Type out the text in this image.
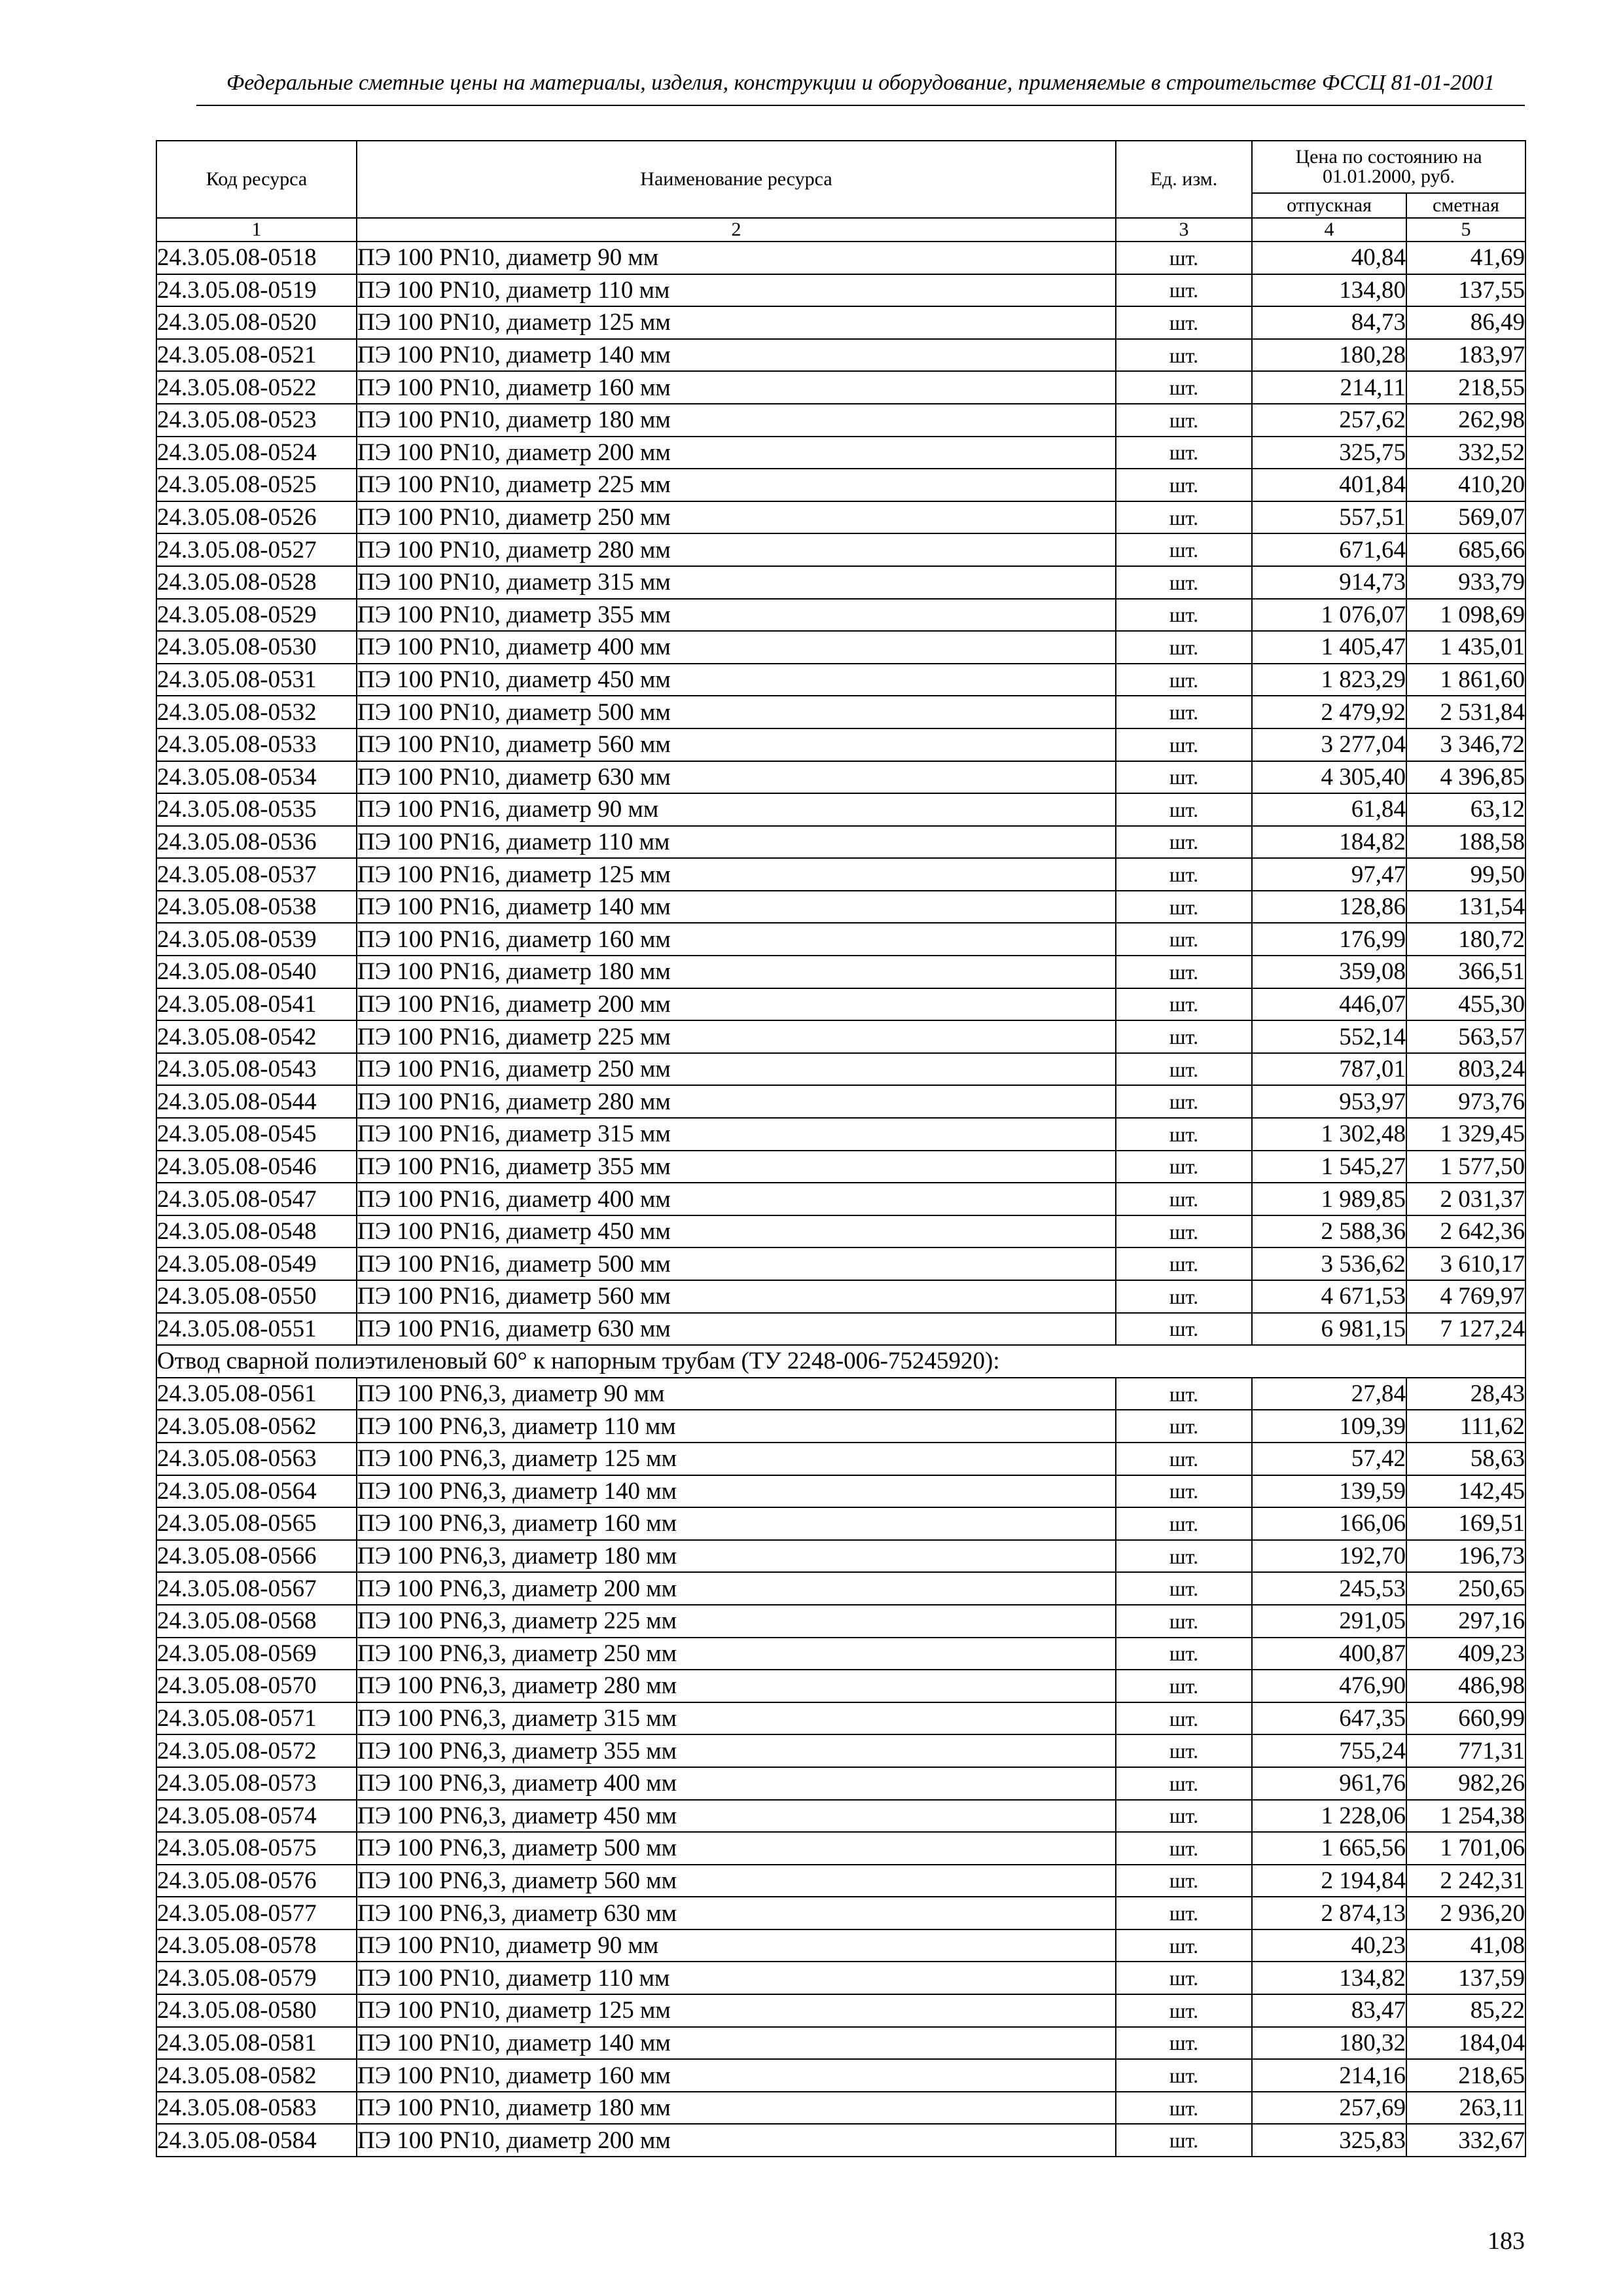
Федеральные сметные цены на материалы, изделия, конструкции и оборудование, применяемые в строительстве ФССЦ 81-01-2001
Код ресурса	Наименование ресурса	Ед. изм.	Цена по состоянию на 01.01.2000, руб.	
			отпускная	сметная
1	2	3	4	5
24.3.05.08-0518	ПЭ 100 PN10, диаметр 90 мм	шт.	40,84	41,69
24.3.05.08-0519	ПЭ 100 PN10, диаметр 110 мм	шт.	134,80	137,55
24.3.05.08-0520	ПЭ 100 PN10, диаметр 125 мм	шт.	84,73	86,49
24.3.05.08-0521	ПЭ 100 PN10, диаметр 140 мм	шт.	180,28	183,97
24.3.05.08-0522	ПЭ 100 PN10, диаметр 160 мм	шт.	214,11	218,55
24.3.05.08-0523	ПЭ 100 PN10, диаметр 180 мм	шт.	257,62	262,98
24.3.05.08-0524	ПЭ 100 PN10, диаметр 200 мм	шт.	325,75	332,52
24.3.05.08-0525	ПЭ 100 PN10, диаметр 225 мм	шт.	401,84	410,20
24.3.05.08-0526	ПЭ 100 PN10, диаметр 250 мм	шт.	557,51	569,07
24.3.05.08-0527	ПЭ 100 PN10, диаметр 280 мм	шт.	671,64	685,66
24.3.05.08-0528	ПЭ 100 PN10, диаметр 315 мм	шт.	914,73	933,79
24.3.05.08-0529	ПЭ 100 PN10, диаметр 355 мм	шт.	1 076,07	1 098,69
24.3.05.08-0530	ПЭ 100 PN10, диаметр 400 мм	шт.	1 405,47	1 435,01
24.3.05.08-0531	ПЭ 100 PN10, диаметр 450 мм	шт.	1 823,29	1 861,60
24.3.05.08-0532	ПЭ 100 PN10, диаметр 500 мм	шт.	2 479,92	2 531,84
24.3.05.08-0533	ПЭ 100 PN10, диаметр 560 мм	шт.	3 277,04	3 346,72
24.3.05.08-0534	ПЭ 100 PN10, диаметр 630 мм	шт.	4 305,40	4 396,85
24.3.05.08-0535	ПЭ 100 PN16, диаметр 90 мм	шт.	61,84	63,12
24.3.05.08-0536	ПЭ 100 PN16, диаметр 110 мм	шт.	184,82	188,58
24.3.05.08-0537	ПЭ 100 PN16, диаметр 125 мм	шт.	97,47	99,50
24.3.05.08-0538	ПЭ 100 PN16, диаметр 140 мм	шт.	128,86	131,54
24.3.05.08-0539	ПЭ 100 PN16, диаметр 160 мм	шт.	176,99	180,72
24.3.05.08-0540	ПЭ 100 PN16, диаметр 180 мм	шт.	359,08	366,51
24.3.05.08-0541	ПЭ 100 PN16, диаметр 200 мм	шт.	446,07	455,30
24.3.05.08-0542	ПЭ 100 PN16, диаметр 225 мм	шт.	552,14	563,57
24.3.05.08-0543	ПЭ 100 PN16, диаметр 250 мм	шт.	787,01	803,24
24.3.05.08-0544	ПЭ 100 PN16, диаметр 280 мм	шт.	953,97	973,76
24.3.05.08-0545	ПЭ 100 PN16, диаметр 315 мм	шт.	1 302,48	1 329,45
24.3.05.08-0546	ПЭ 100 PN16, диаметр 355 мм	шт.	1 545,27	1 577,50
24.3.05.08-0547	ПЭ 100 PN16, диаметр 400 мм	шт.	1 989,85	2 031,37
24.3.05.08-0548	ПЭ 100 PN16, диаметр 450 мм	шт.	2 588,36	2 642,36
24.3.05.08-0549	ПЭ 100 PN16, диаметр 500 мм	шт.	3 536,62	3 610,17
24.3.05.08-0550	ПЭ 100 PN16, диаметр 560 мм	шт.	4 671,53	4 769,97
24.3.05.08-0551	ПЭ 100 PN16, диаметр 630 мм	шт.	6 981,15	7 127,24
Отвод сварной полиэтиленовый 60° к напорным трубам (ТУ 2248-006-75245920):				
24.3.05.08-0561	ПЭ 100 PN6,3, диаметр 90 мм	шт.	27,84	28,43
24.3.05.08-0562	ПЭ 100 PN6,3, диаметр 110 мм	шт.	109,39	111,62
24.3.05.08-0563	ПЭ 100 PN6,3, диаметр 125 мм	шт.	57,42	58,63
24.3.05.08-0564	ПЭ 100 PN6,3, диаметр 140 мм	шт.	139,59	142,45
24.3.05.08-0565	ПЭ 100 PN6,3, диаметр 160 мм	шт.	166,06	169,51
24.3.05.08-0566	ПЭ 100 PN6,3, диаметр 180 мм	шт.	192,70	196,73
24.3.05.08-0567	ПЭ 100 PN6,3, диаметр 200 мм	шт.	245,53	250,65
24.3.05.08-0568	ПЭ 100 PN6,3, диаметр 225 мм	шт.	291,05	297,16
24.3.05.08-0569	ПЭ 100 PN6,3, диаметр 250 мм	шт.	400,87	409,23
24.3.05.08-0570	ПЭ 100 PN6,3, диаметр 280 мм	шт.	476,90	486,98
24.3.05.08-0571	ПЭ 100 PN6,3, диаметр 315 мм	шт.	647,35	660,99
24.3.05.08-0572	ПЭ 100 PN6,3, диаметр 355 мм	шт.	755,24	771,31
24.3.05.08-0573	ПЭ 100 PN6,3, диаметр 400 мм	шт.	961,76	982,26
24.3.05.08-0574	ПЭ 100 PN6,3, диаметр 450 мм	шт.	1 228,06	1 254,38
24.3.05.08-0575	ПЭ 100 PN6,3, диаметр 500 мм	шт.	1 665,56	1 701,06
24.3.05.08-0576	ПЭ 100 PN6,3, диаметр 560 мм	шт.	2 194,84	2 242,31
24.3.05.08-0577	ПЭ 100 PN6,3, диаметр 630 мм	шт.	2 874,13	2 936,20
24.3.05.08-0578	ПЭ 100 PN10, диаметр 90 мм	шт.	40,23	41,08
24.3.05.08-0579	ПЭ 100 PN10, диаметр 110 мм	шт.	134,82	137,59
24.3.05.08-0580	ПЭ 100 PN10, диаметр 125 мм	шт.	83,47	85,22
24.3.05.08-0581	ПЭ 100 PN10, диаметр 140 мм	шт.	180,32	184,04
24.3.05.08-0582	ПЭ 100 PN10, диаметр 160 мм	шт.	214,16	218,65
24.3.05.08-0583	ПЭ 100 PN10, диаметр 180 мм	шт.	257,69	263,11
24.3.05.08-0584	ПЭ 100 PN10, диаметр 200 мм	шт.	325,83	332,67
183
